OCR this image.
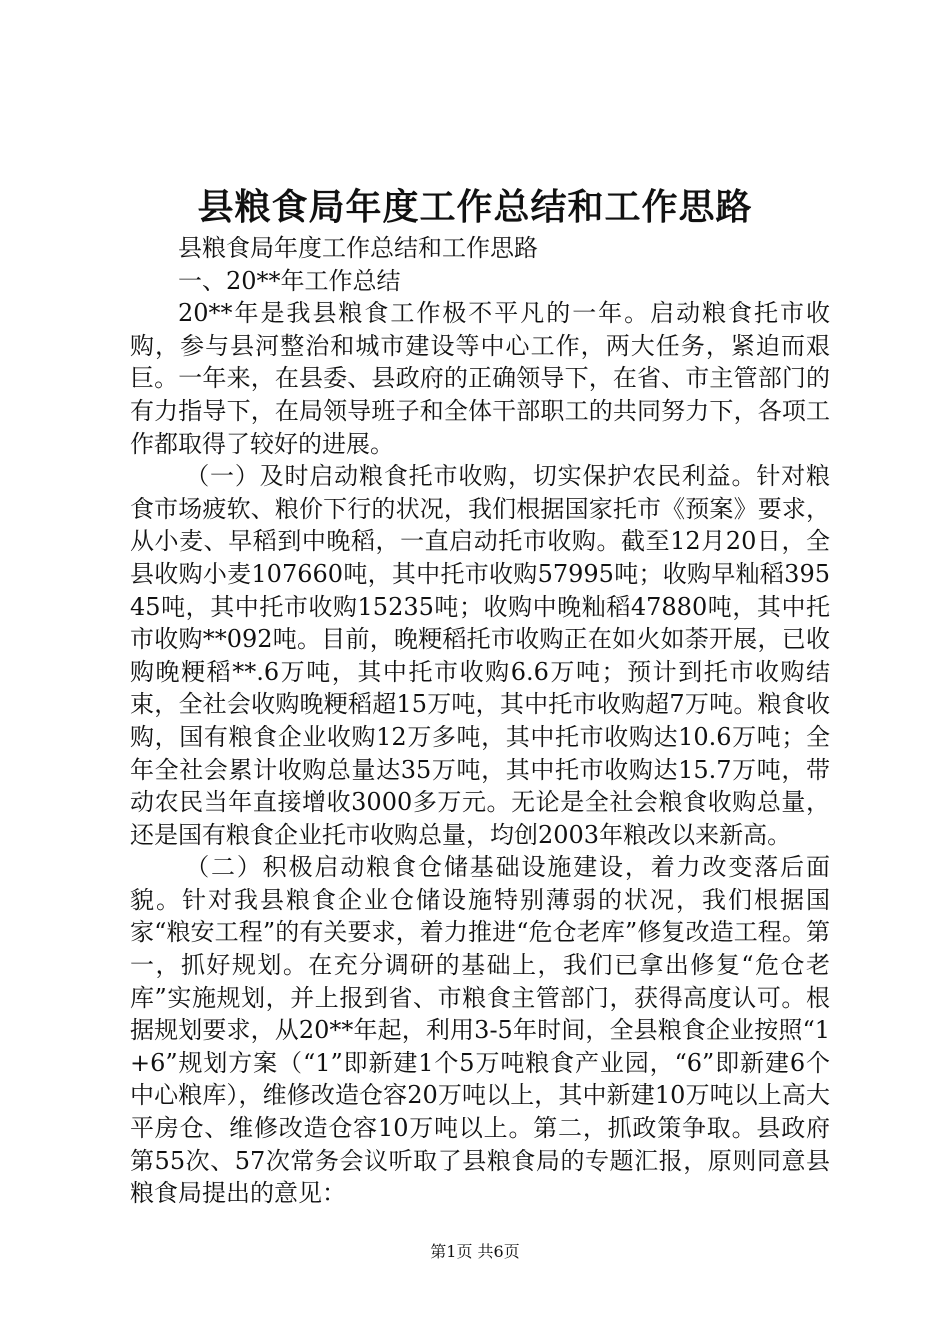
县粮食局年度工作总结和工作思路

县粮食局年度工作总结和工作思路

一、20**年工作总结

20**年是我县粮食工作极不平凡的一年。启动粮食托市收购，参与县河整治和城市建设等中心工作，两大任务，紧迫而艰巨。一年来，在县委、县政府的正确领导下，在省、市主管部门的有力指导下，在局领导班子和全体干部职工的共同努力下，各项工作都取得了较好的进展。

（一）及时启动粮食托市收购，切实保护农民利益。针对粮食市场疲软、粮价下行的状况，我们根据国家托市《预案》要求，从小麦、早稻到中晚稻，一直启动托市收购。截至12月20日，全县收购小麦107660吨，其中托市收购57995吨；收购早籼稻39545吨，其中托市收购15235吨；收购中晚籼稻47880吨，其中托市收购**092吨。目前，晚粳稻托市收购正在如火如荼开展，已收购晚粳稻**.6万吨，其中托市收购6.6万吨；预计到托市收购结束，全社会收购晚粳稻超15万吨，其中托市收购超7万吨。粮食收购，国有粮食企业收购12万多吨，其中托市收购达10.6万吨；全年全社会累计收购总量达35万吨，其中托市收购达15.7万吨，带动农民当年直接增收3000多万元。无论是全社会粮食收购总量，还是国有粮食企业托市收购总量，均创2003年粮改以来新高。

（二）积极启动粮食仓储基础设施建设，着力改变落后面貌。针对我县粮食企业仓储设施特别薄弱的状况，我们根据国家“粮安工程”的有关要求，着力推进“危仓老库”修复改造工程。第一，抓好规划。在充分调研的基础上，我们已拿出修复“危仓老库”实施规划，并上报到省、市粮食主管部门，获得高度认可。根据规划要求，从20**年起，利用3-5年时间，全县粮食企业按照“1+6”规划方案（“1”即新建1个5万吨粮食产业园，“6”即新建6个中心粮库），维修改造仓容20万吨以上，其中新建10万吨以上高大平房仓、维修改造仓容10万吨以上。第二，抓政策争取。县政府第55次、57次常务会议听取了县粮食局的专题汇报，原则同意县粮食局提出的意见：

第1页 共6页
